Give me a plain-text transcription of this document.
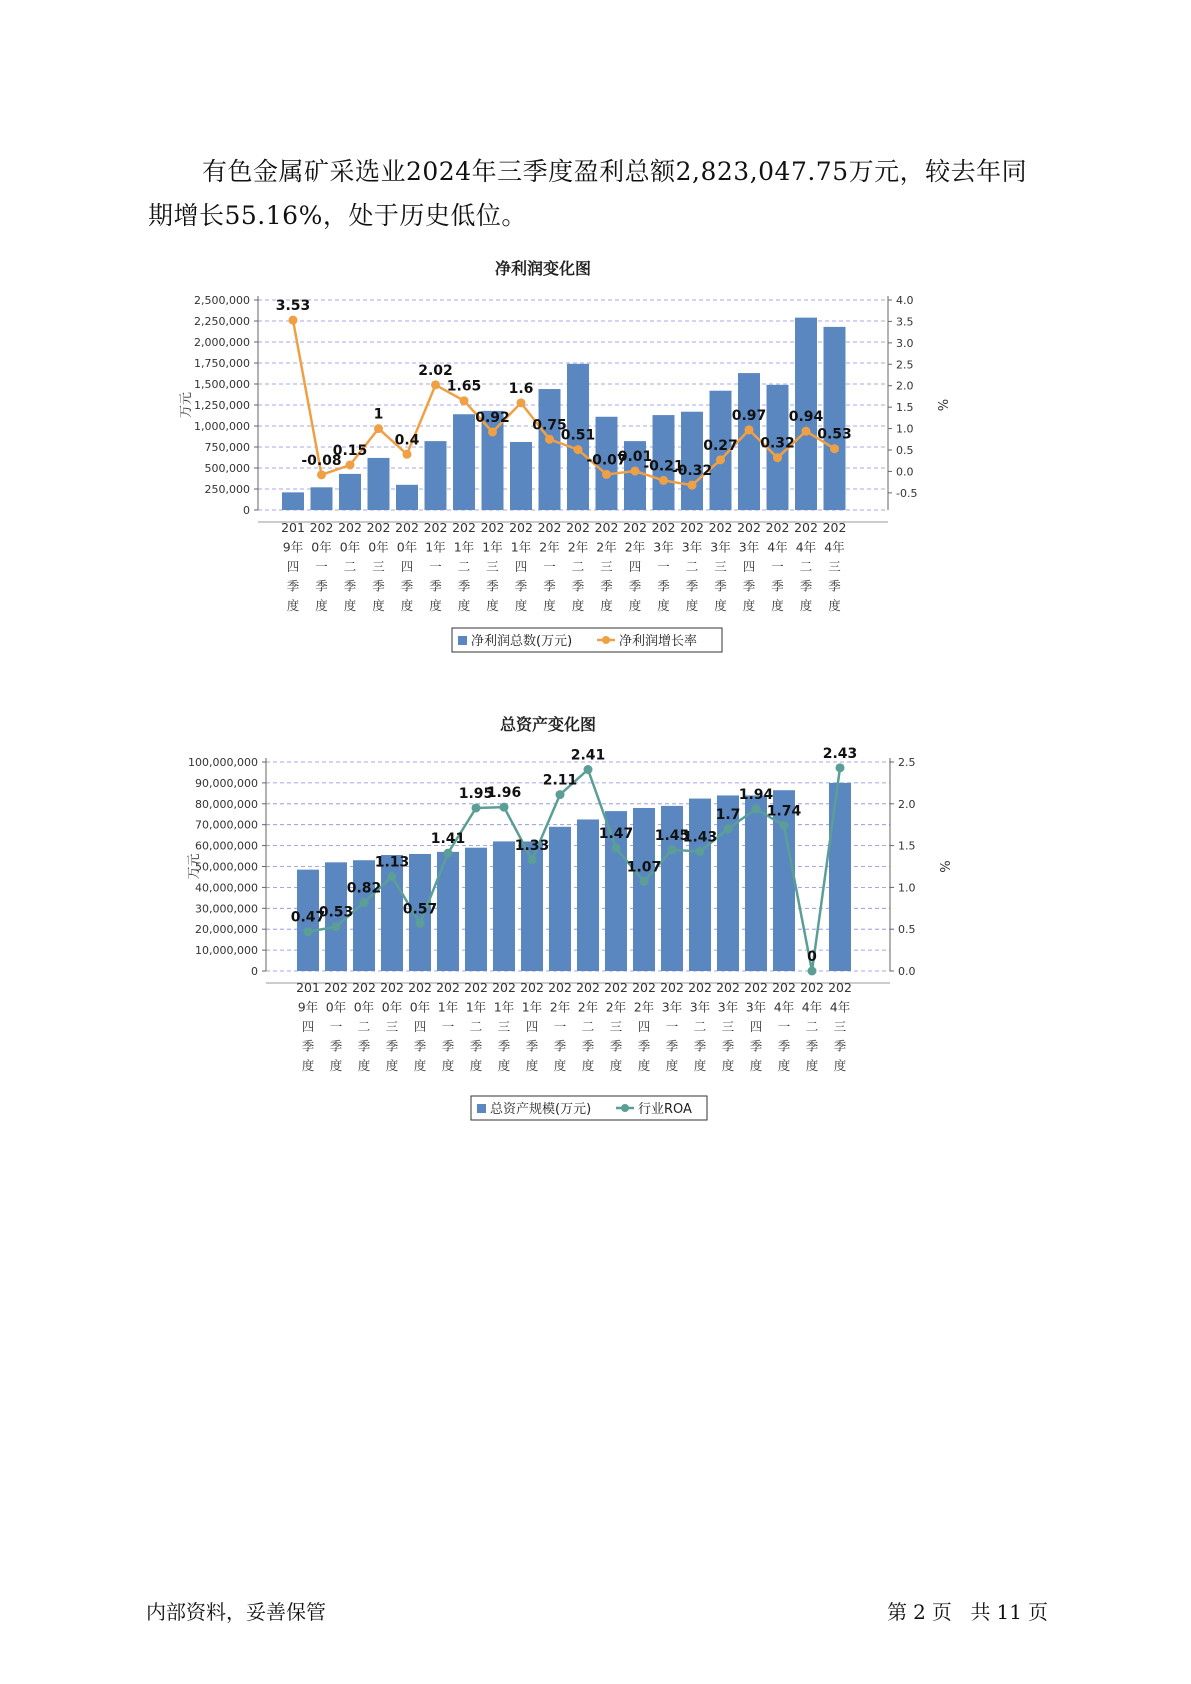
有色金属矿采选业2024年三季度盈利总额2,823,047.75万元，较去年同期增长55.16%，处于历史低位。

净利润变化图
0
250,000
500,000
750,000
1,000,000
1,250,000
1,500,000
1,750,000
2,000,000
2,250,000
2,500,000
-0.5
0.0
0.5
1.0
1.5
2.0
2.5
3.0
3.5
4.0
万元	%
3.53
-0.08
0.15
1
0.4
2.02
1.65
0.92
1.6
0.75
0.51
-0.07
0.01
-0.21
-0.32
0.27
0.97
0.32
0.94
0.53
201
9年
四
季
度
202
0年
一
季
度
202
0年
二
季
度
202
0年
三
季
度
202
0年
四
季
度
202
1年
一
季
度
202
1年
二
季
度
202
1年
三
季
度
202
1年
四
季
度
202
2年
一
季
度
202
2年
二
季
度
202
2年
三
季
度
202
2年
四
季
度
202
3年
一
季
度
202
3年
二
季
度
202
3年
三
季
度
202
3年
四
季
度
202
4年
一
季
度
202
4年
二
季
度
202
4年
三
季
度
净利润总数(万元)	净利润增长率
总资产变化图
0
10,000,000
20,000,000
30,000,000
40,000,000
50,000,000
60,000,000
70,000,000
80,000,000
90,000,000
100,000,000
0.0
0.5
1.0
1.5
2.0
2.5
万元	%
0.47
0.53
0.82
1.13
0.57
1.41
1.95
1.96
1.33
2.11
2.41
1.47
1.07
1.45
1.43
1.7
1.94
1.74
0
2.43
201
9年
四
季
度
202
0年
一
季
度
202
0年
二
季
度
202
0年
三
季
度
202
0年
四
季
度
202
1年
一
季
度
202
1年
二
季
度
202
1年
三
季
度
202
1年
四
季
度
202
2年
一
季
度
202
2年
二
季
度
202
2年
三
季
度
202
2年
四
季
度
202
3年
一
季
度
202
3年
二
季
度
202
3年
三
季
度
202
3年
四
季
度
202
4年
一
季
度
202
4年
二
季
度
202
4年
三
季
度
总资产规模(万元)	行业ROA
内部资料，妥善保管	第 2 页 共 11 页
